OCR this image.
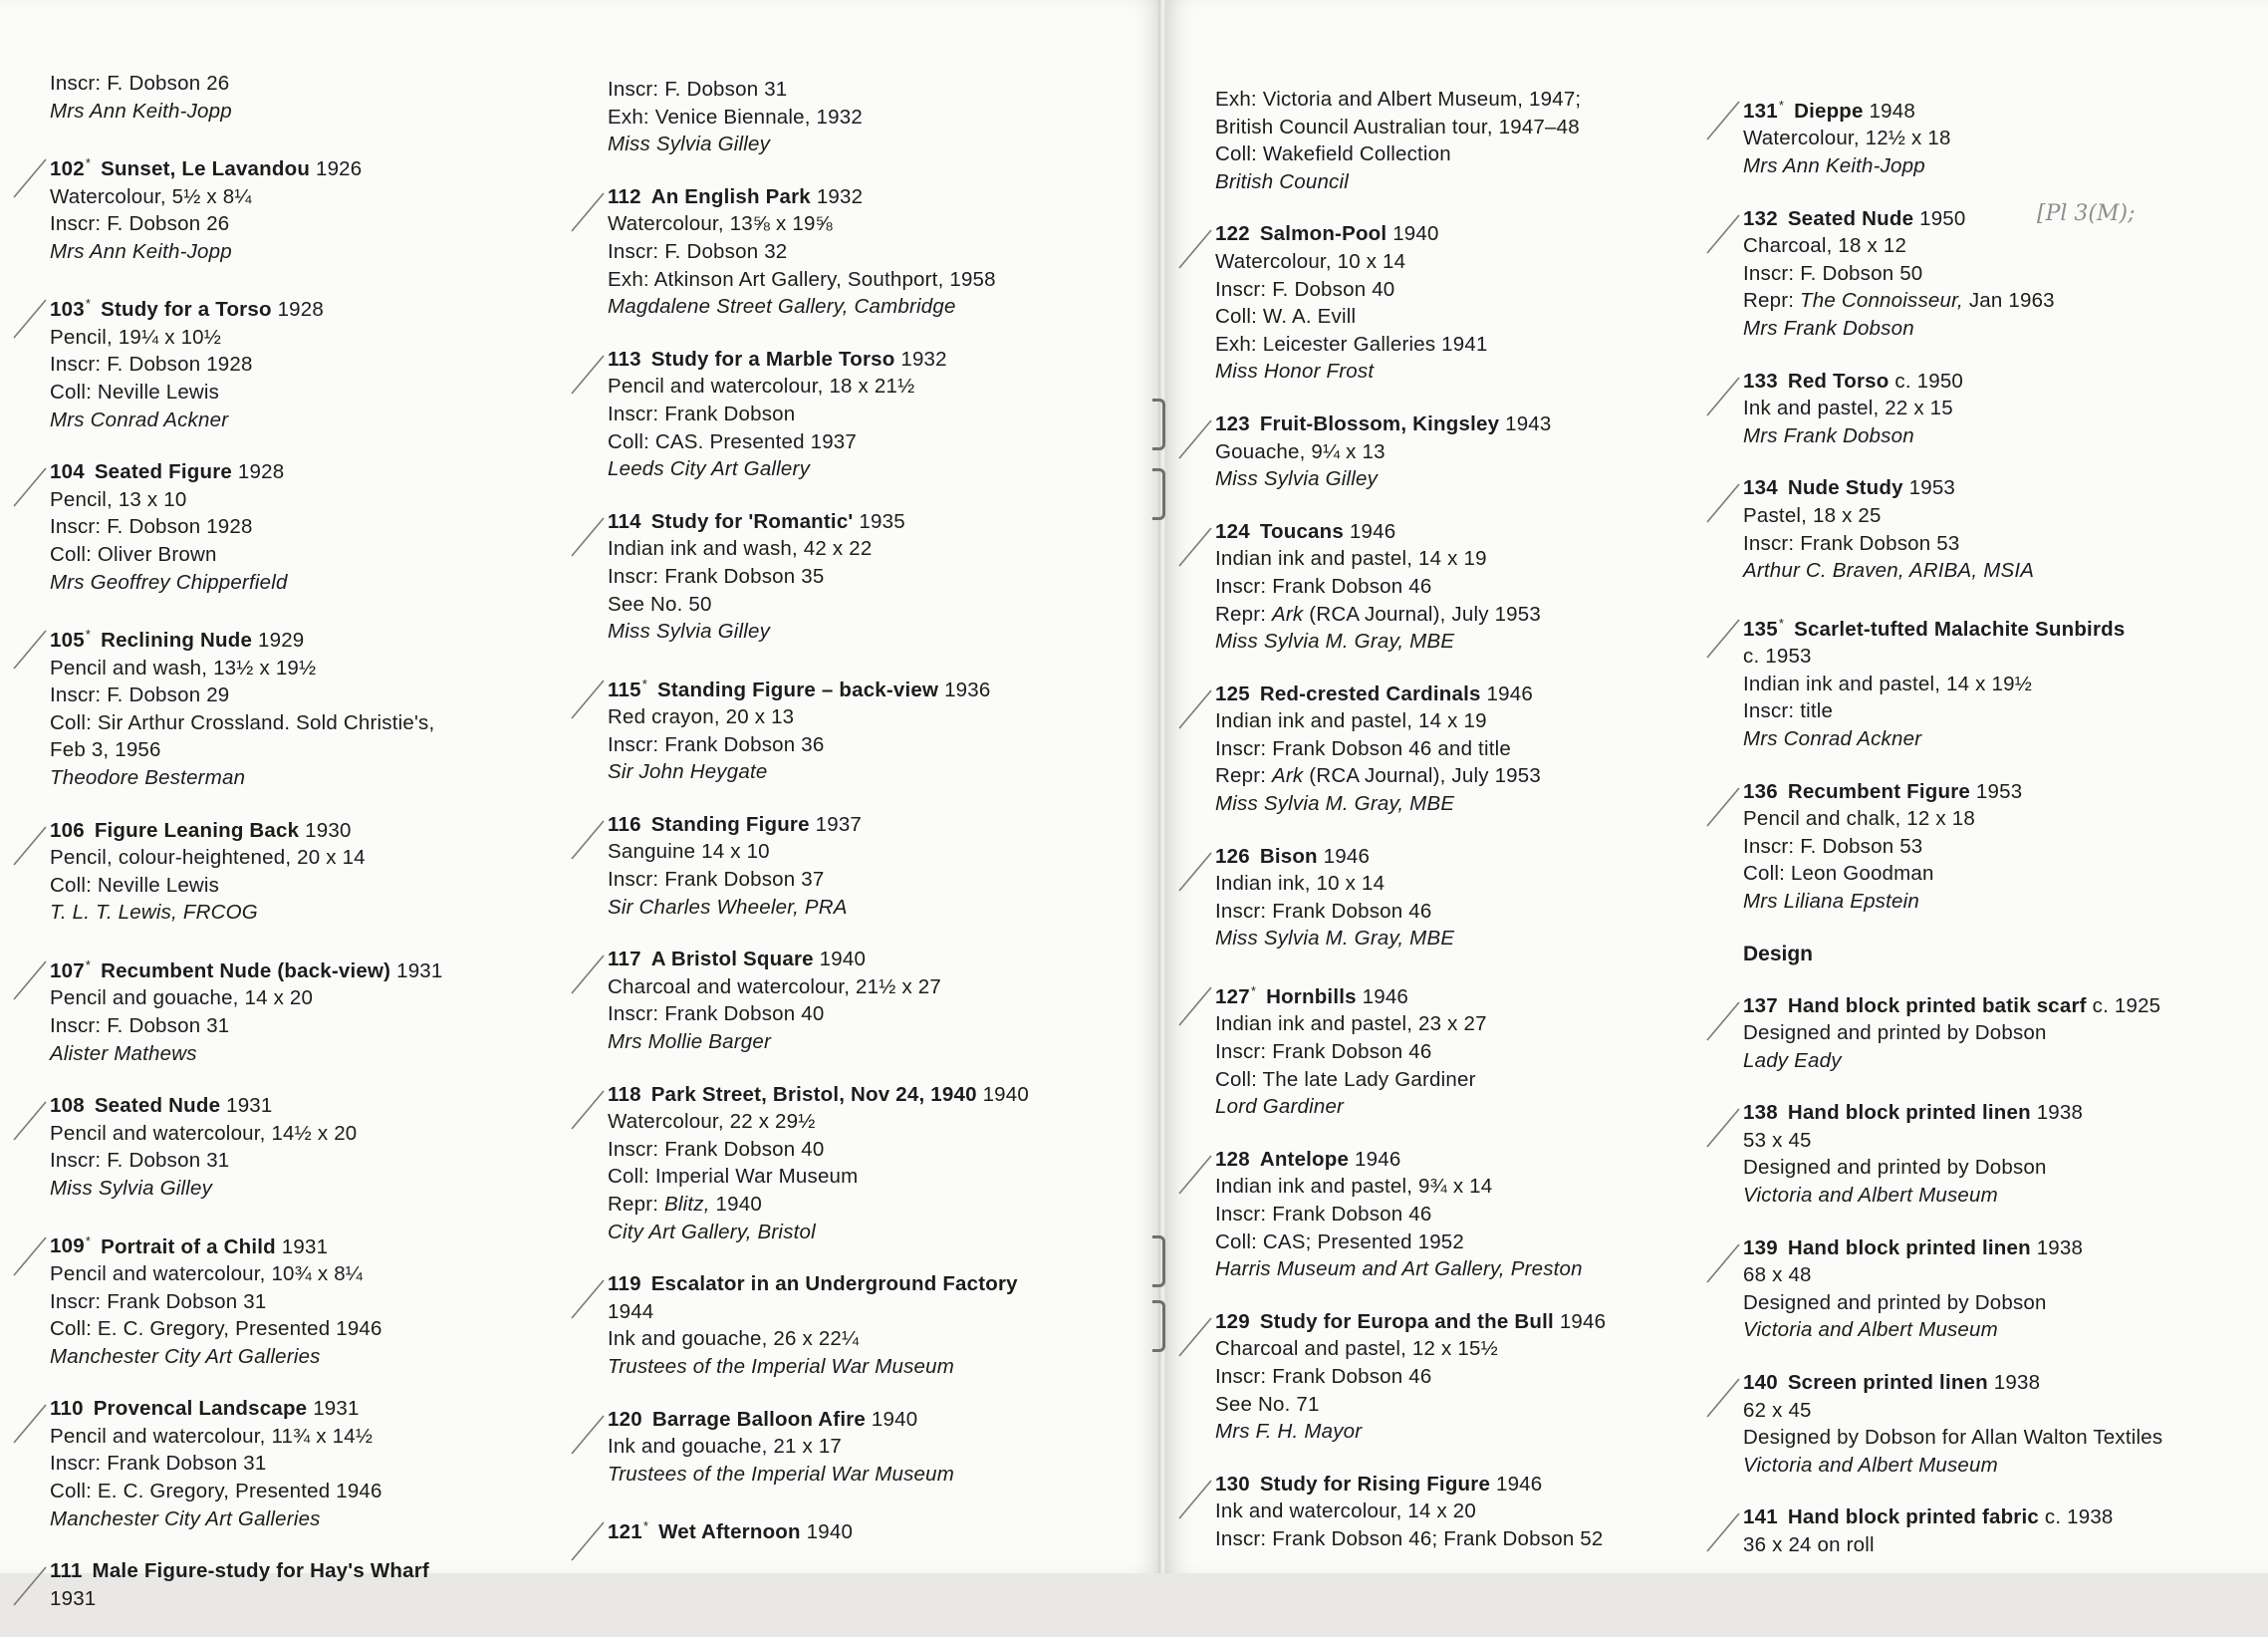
Inscr: F. Dobson 26
Mrs Ann Keith-Jopp
102* Sunset, Le Lavandou 1926
Watercolour, 5½ x 8¼
Inscr: F. Dobson 26
Mrs Ann Keith-Jopp
103* Study for a Torso 1928
Pencil, 19¼ x 10½
Inscr: F. Dobson 1928
Coll: Neville Lewis
Mrs Conrad Ackner
104 Seated Figure 1928
Pencil, 13 x 10
Inscr: F. Dobson 1928
Coll: Oliver Brown
Mrs Geoffrey Chipperfield
105* Reclining Nude 1929
Pencil and wash, 13½ x 19½
Inscr: F. Dobson 29
Coll: Sir Arthur Crossland. Sold Christie's,
Feb 3, 1956
Theodore Besterman
106 Figure Leaning Back 1930
Pencil, colour-heightened, 20 x 14
Coll: Neville Lewis
T. L. T. Lewis, FRCOG
107* Recumbent Nude (back-view) 1931
Pencil and gouache, 14 x 20
Inscr: F. Dobson 31
Alister Mathews
108 Seated Nude 1931
Pencil and watercolour, 14½ x 20
Inscr: F. Dobson 31
Miss Sylvia Gilley
109* Portrait of a Child 1931
Pencil and watercolour, 10¾ x 8¼
Inscr: Frank Dobson 31
Coll: E. C. Gregory, Presented 1946
Manchester City Art Galleries
110 Provencal Landscape 1931
Pencil and watercolour, 11¾ x 14½
Inscr: Frank Dobson 31
Coll: E. C. Gregory, Presented 1946
Manchester City Art Galleries
111 Male Figure-study for Hay's Wharf
1931
Inscr: F. Dobson 31
Exh: Venice Biennale, 1932
Miss Sylvia Gilley
112 An English Park 1932
Watercolour, 13⅝ x 19⅝
Inscr: F. Dobson 32
Exh: Atkinson Art Gallery, Southport, 1958
Magdalene Street Gallery, Cambridge
113 Study for a Marble Torso 1932
Pencil and watercolour, 18 x 21½
Inscr: Frank Dobson
Coll: CAS. Presented 1937
Leeds City Art Gallery
114 Study for 'Romantic' 1935
Indian ink and wash, 42 x 22
Inscr: Frank Dobson 35
See No. 50
Miss Sylvia Gilley
115* Standing Figure – back-view 1936
Red crayon, 20 x 13
Inscr: Frank Dobson 36
Sir John Heygate
116 Standing Figure 1937
Sanguine 14 x 10
Inscr: Frank Dobson 37
Sir Charles Wheeler, PRA
117 A Bristol Square 1940
Charcoal and watercolour, 21½ x 27
Inscr: Frank Dobson 40
Mrs Mollie Barger
118 Park Street, Bristol, Nov 24, 1940 1940
Watercolour, 22 x 29½
Inscr: Frank Dobson 40
Coll: Imperial War Museum
Repr: Blitz, 1940
City Art Gallery, Bristol
119 Escalator in an Underground Factory
1944
Ink and gouache, 26 x 22¼
Trustees of the Imperial War Museum
120 Barrage Balloon Afire 1940
Ink and gouache, 21 x 17
Trustees of the Imperial War Museum
121* Wet Afternoon 1940
Exh: Victoria and Albert Museum, 1947;
British Council Australian tour, 1947–48
Coll: Wakefield Collection
British Council
122 Salmon-Pool 1940
Watercolour, 10 x 14
Inscr: F. Dobson 40
Coll: W. A. Evill
Exh: Leicester Galleries 1941
Miss Honor Frost
123 Fruit-Blossom, Kingsley 1943
Gouache, 9¼ x 13
Miss Sylvia Gilley
124 Toucans 1946
Indian ink and pastel, 14 x 19
Inscr: Frank Dobson 46
Repr: Ark (RCA Journal), July 1953
Miss Sylvia M. Gray, MBE
125 Red-crested Cardinals 1946
Indian ink and pastel, 14 x 19
Inscr: Frank Dobson 46 and title
Repr: Ark (RCA Journal), July 1953
Miss Sylvia M. Gray, MBE
126 Bison 1946
Indian ink, 10 x 14
Inscr: Frank Dobson 46
Miss Sylvia M. Gray, MBE
127* Hornbills 1946
Indian ink and pastel, 23 x 27
Inscr: Frank Dobson 46
Coll: The late Lady Gardiner
Lord Gardiner
128 Antelope 1946
Indian ink and pastel, 9¾ x 14
Inscr: Frank Dobson 46
Coll: CAS; Presented 1952
Harris Museum and Art Gallery, Preston
129 Study for Europa and the Bull 1946
Charcoal and pastel, 12 x 15½
Inscr: Frank Dobson 46
See No. 71
Mrs F. H. Mayor
130 Study for Rising Figure 1946
Ink and watercolour, 14 x 20
Inscr: Frank Dobson 46; Frank Dobson 52
131* Dieppe 1948
Watercolour, 12½ x 18
Mrs Ann Keith-Jopp
132 Seated Nude 1950
Charcoal, 18 x 12
Inscr: F. Dobson 50
Repr: The Connoisseur, Jan 1963
Mrs Frank Dobson
133 Red Torso c. 1950
Ink and pastel, 22 x 15
Mrs Frank Dobson
134 Nude Study 1953
Pastel, 18 x 25
Inscr: Frank Dobson 53
Arthur C. Braven, ARIBA, MSIA
135* Scarlet-tufted Malachite Sunbirds
c. 1953
Indian ink and pastel, 14 x 19½
Inscr: title
Mrs Conrad Ackner
136 Recumbent Figure 1953
Pencil and chalk, 12 x 18
Inscr: F. Dobson 53
Coll: Leon Goodman
Mrs Liliana Epstein
Design
137 Hand block printed batik scarf c. 1925
Designed and printed by Dobson
Lady Eady
138 Hand block printed linen 1938
53 x 45
Designed and printed by Dobson
Victoria and Albert Museum
139 Hand block printed linen 1938
68 x 48
Designed and printed by Dobson
Victoria and Albert Museum
140 Screen printed linen 1938
62 x 45
Designed by Dobson for Allan Walton Textiles
Victoria and Albert Museum
141 Hand block printed fabric c. 1938
36 x 24 on roll
[Pl 3(M);
